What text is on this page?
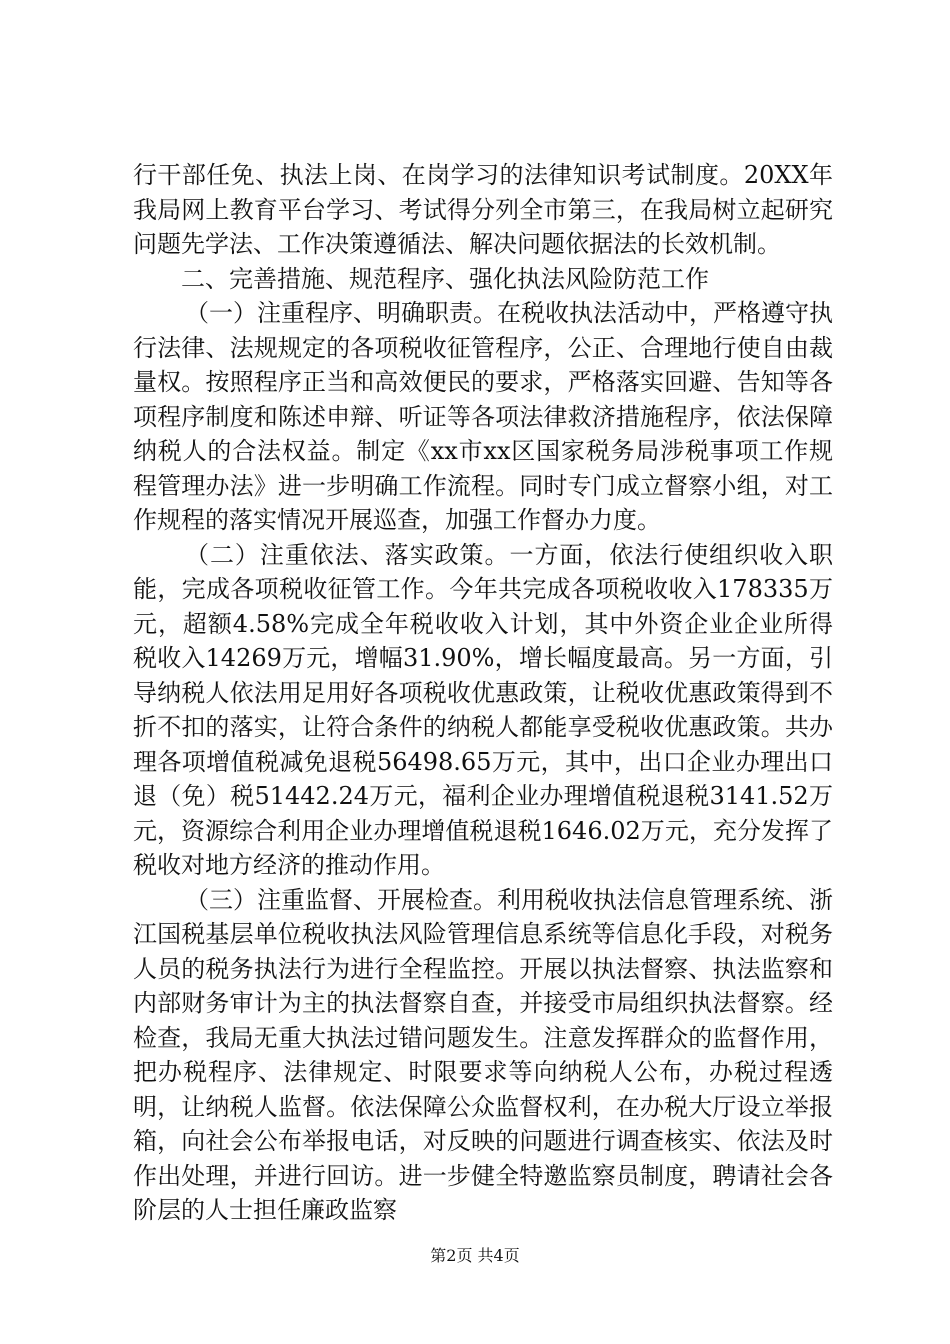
行干部任免、执法上岗、在岗学习的法律知识考试制度。20XX年我局网上教育平台学习、考试得分列全市第三，在我局树立起研究问题先学法、工作决策遵循法、解决问题依据法的长效机制。

二、完善措施、规范程序、强化执法风险防范工作

（一）注重程序、明确职责。在税收执法活动中，严格遵守执行法律、法规规定的各项税收征管程序，公正、合理地行使自由裁量权。按照程序正当和高效便民的要求，严格落实回避、告知等各项程序制度和陈述申辩、听证等各项法律救济措施程序，依法保障纳税人的合法权益。制定《xx市xx区国家税务局涉税事项工作规程管理办法》进一步明确工作流程。同时专门成立督察小组，对工作规程的落实情况开展巡查，加强工作督办力度。

（二）注重依法、落实政策。一方面，依法行使组织收入职能，完成各项税收征管工作。今年共完成各项税收收入178335万元，超额4.58%完成全年税收收入计划，其中外资企业企业所得税收入14269万元，增幅31.90%，增长幅度最高。另一方面，引导纳税人依法用足用好各项税收优惠政策，让税收优惠政策得到不折不扣的落实，让符合条件的纳税人都能享受税收优惠政策。共办理各项增值税减免退税56498.65万元，其中，出口企业办理出口退（免）税51442.24万元，福利企业办理增值税退税3141.52万元，资源综合利用企业办理增值税退税1646.02万元，充分发挥了税收对地方经济的推动作用。

（三）注重监督、开展检查。利用税收执法信息管理系统、浙江国税基层单位税收执法风险管理信息系统等信息化手段，对税务人员的税务执法行为进行全程监控。开展以执法督察、执法监察和内部财务审计为主的执法督察自查，并接受市局组织执法督察。经检查，我局无重大执法过错问题发生。注意发挥群众的监督作用，把办税程序、法律规定、时限要求等向纳税人公布，办税过程透明，让纳税人监督。依法保障公众监督权利，在办税大厅设立举报箱，向社会公布举报电话，对反映的问题进行调查核实、依法及时作出处理，并进行回访。进一步健全特邀监察员制度，聘请社会各阶层的人士担任廉政监察

第2页 共4页
